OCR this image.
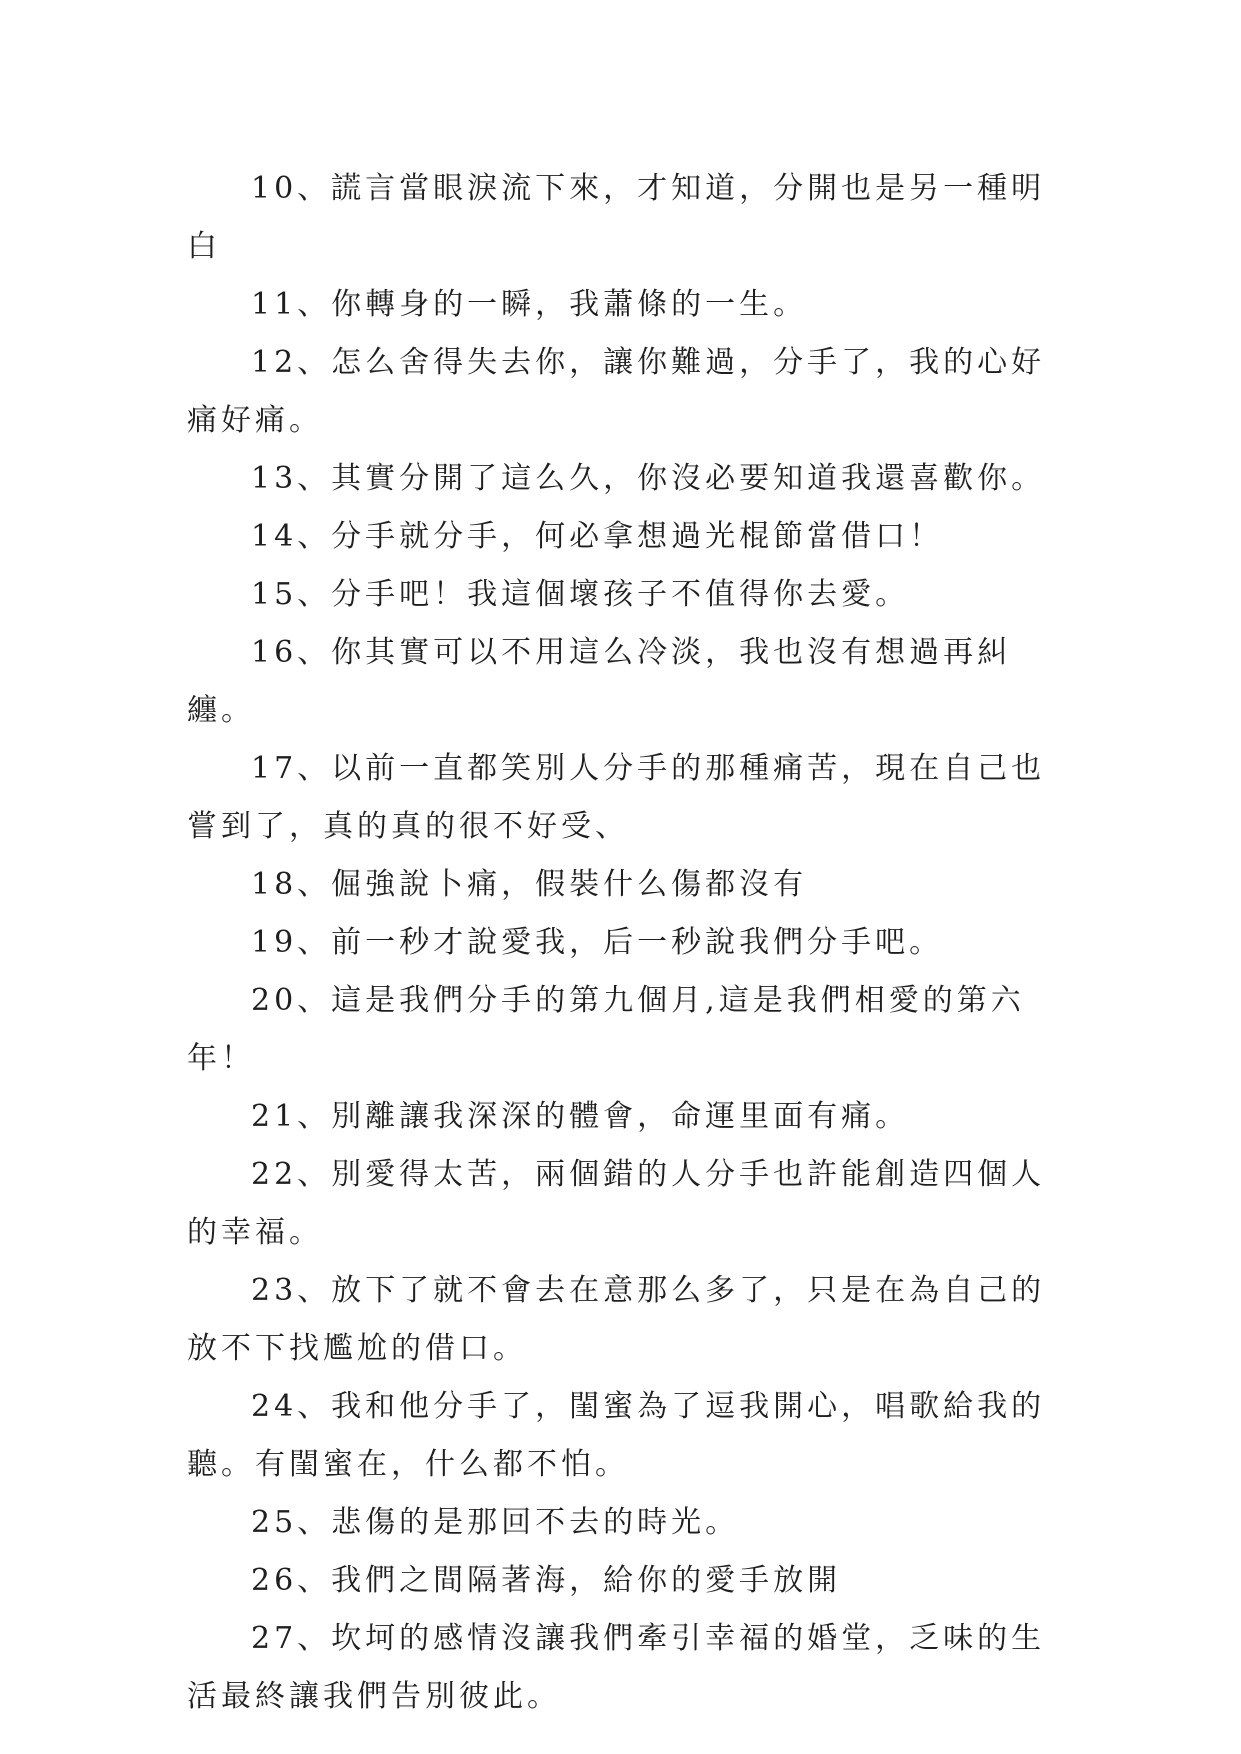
10、謊言當眼淚流下來，才知道，分開也是另一種明白

11、你轉身的一瞬，我蕭條的一生。

12、怎么舍得失去你，讓你難過，分手了，我的心好痛好痛。

13、其實分開了這么久，你沒必要知道我還喜歡你。

14、分手就分手，何必拿想過光棍節當借口！

15、分手吧！我這個壞孩子不值得你去愛。

16、你其實可以不用這么冷淡，我也沒有想過再糾纏。

17、以前一直都笑別人分手的那種痛苦，現在自己也嘗到了，真的真的很不好受、

18、倔強說卜痛，假裝什么傷都沒有

19、前一秒才說愛我，后一秒說我們分手吧。

20、這是我們分手的第九個月,這是我們相愛的第六年！

21、別離讓我深深的體會，命運里面有痛。

22、別愛得太苦，兩個錯的人分手也許能創造四個人的幸福。

23、放下了就不會去在意那么多了，只是在為自己的放不下找尷尬的借口。

24、我和他分手了，閨蜜為了逗我開心，唱歌給我的聽。有閨蜜在，什么都不怕。

25、悲傷的是那回不去的時光。

26、我們之間隔著海，給你的愛手放開

27、坎坷的感情沒讓我們牽引幸福的婚堂，乏味的生活最終讓我們告別彼此。
